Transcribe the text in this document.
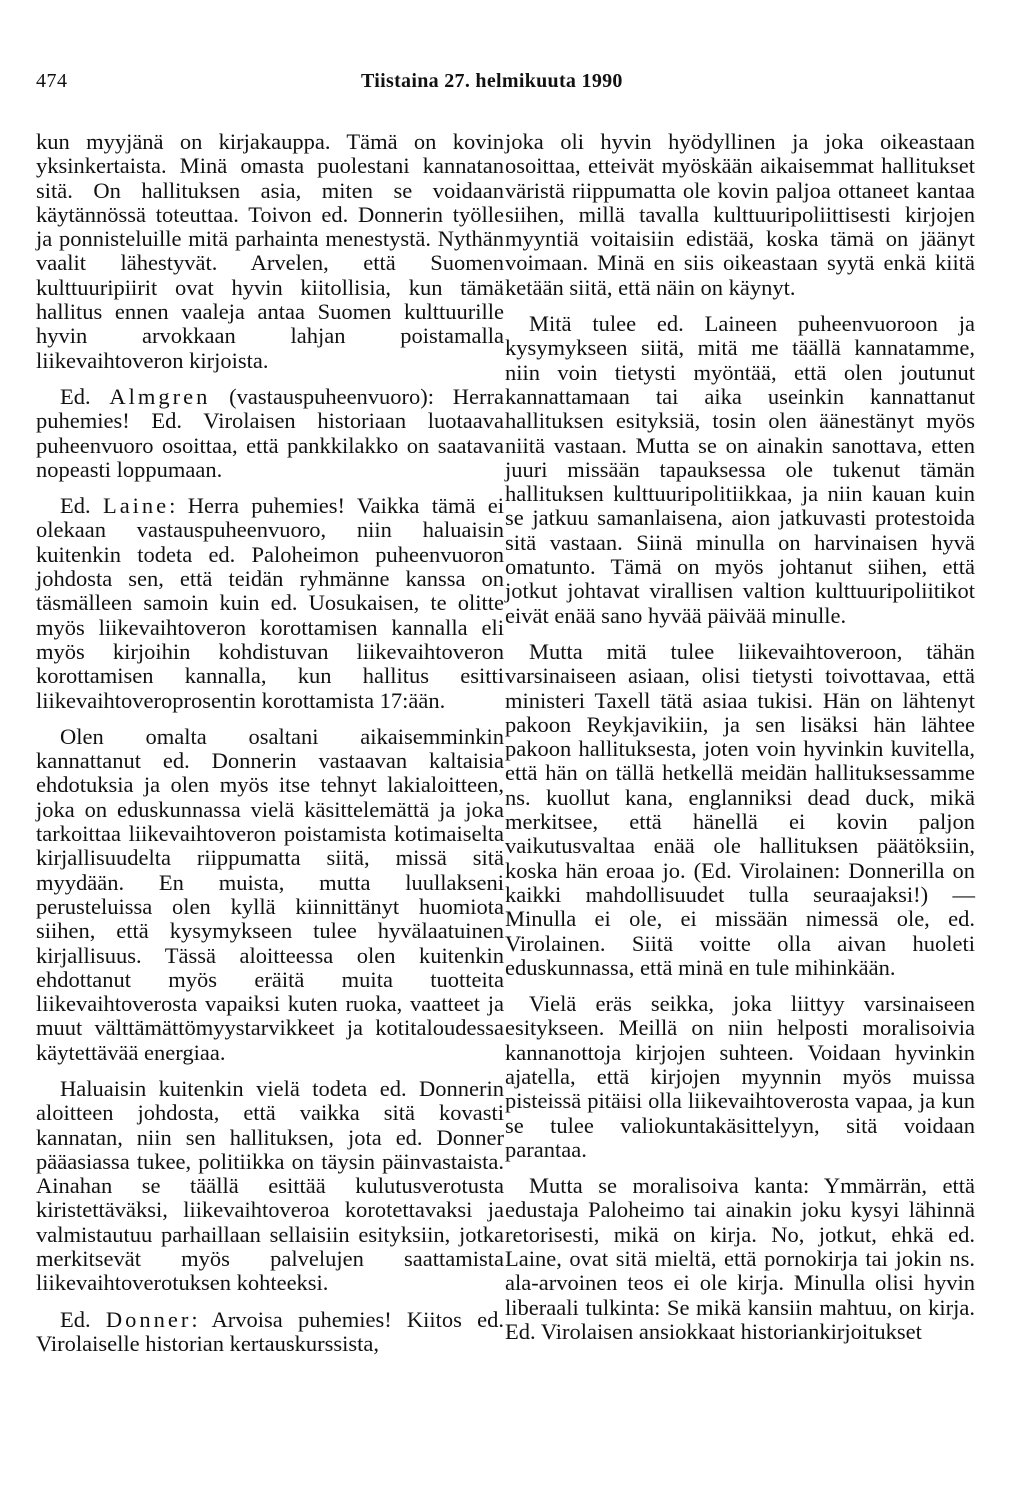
474	Tiistaina 27. helmikuuta 1990

kun myyjänä on kirjakauppa. Tämä on kovin yksinkertaista. Minä omasta puolestani kannatan sitä. On hallituksen asia, miten se voidaan käytännössä toteuttaa. Toivon ed. Donnerin työlle ja ponnisteluille mitä parhainta menestystä. Nythän vaalit lähestyvät. Arvelen, että Suomen kulttuuripiirit ovat hyvin kiitollisia, kun tämä hallitus ennen vaaleja antaa Suomen kulttuurille hyvin arvokkaan lahjan poistamalla liikevaihtoveron kirjoista.

Ed. Almgren (vastauspuheenvuoro): Herra puhemies! Ed. Virolaisen historiaan luotaava puheenvuoro osoittaa, että pankkilakko on saatava nopeasti loppumaan.

Ed. Laine: Herra puhemies! Vaikka tämä ei olekaan vastauspuheenvuoro, niin haluaisin kuitenkin todeta ed. Paloheimon puheenvuoron johdosta sen, että teidän ryhmänne kanssa on täsmälleen samoin kuin ed. Uosukaisen, te olitte myös liikevaihtoveron korottamisen kannalla eli myös kirjoihin kohdistuvan liikevaihtoveron korottamisen kannalla, kun hallitus esitti liikevaihtoveroprosentin korottamista 17:ään.

Olen omalta osaltani aikaisemminkin kannattanut ed. Donnerin vastaavan kaltaisia ehdotuksia ja olen myös itse tehnyt lakialoitteen, joka on eduskunnassa vielä käsittelemättä ja joka tarkoittaa liikevaihtoveron poistamista kotimaiselta kirjallisuudelta riippumatta siitä, missä sitä myydään. En muista, mutta luullakseni perusteluissa olen kyllä kiinnittänyt huomiota siihen, että kysymykseen tulee hyvälaatuinen kirjallisuus. Tässä aloitteessa olen kuitenkin ehdottanut myös eräitä muita tuotteita liikevaihtoverosta vapaiksi kuten ruoka, vaatteet ja muut välttämättömyystarvikkeet ja kotitaloudessa käytettävää energiaa.

Haluaisin kuitenkin vielä todeta ed. Donnerin aloitteen johdosta, että vaikka sitä kovasti kannatan, niin sen hallituksen, jota ed. Donner pääasiassa tukee, politiikka on täysin päinvastaista. Ainahan se täällä esittää kulutusverotusta kiristettäväksi, liikevaihtoveroa korotettavaksi ja valmistautuu parhaillaan sellaisiin esityksiin, jotka merkitsevät myös palvelujen saattamista liikevaihtoverotuksen kohteeksi.

Ed. Donner: Arvoisa puhemies! Kiitos ed. Virolaiselle historian kertauskurssista,

joka oli hyvin hyödyllinen ja joka oikeastaan osoittaa, etteivät myöskään aikaisemmat hallitukset väristä riippumatta ole kovin paljoa ottaneet kantaa siihen, millä tavalla kulttuuripoliittisesti kirjojen myyntiä voitaisiin edistää, koska tämä on jäänyt voimaan. Minä en siis oikeastaan syytä enkä kiitä ketään siitä, että näin on käynyt.

Mitä tulee ed. Laineen puheenvuoroon ja kysymykseen siitä, mitä me täällä kannatamme, niin voin tietysti myöntää, että olen joutunut kannattamaan tai aika useinkin kannattanut hallituksen esityksiä, tosin olen äänestänyt myös niitä vastaan. Mutta se on ainakin sanottava, etten juuri missään tapauksessa ole tukenut tämän hallituksen kulttuuripolitiikkaa, ja niin kauan kuin se jatkuu samanlaisena, aion jatkuvasti protestoida sitä vastaan. Siinä minulla on harvinaisen hyvä omatunto. Tämä on myös johtanut siihen, että jotkut johtavat virallisen valtion kulttuuripoliitikot eivät enää sano hyvää päivää minulle.

Mutta mitä tulee liikevaihtoveroon, tähän varsinaiseen asiaan, olisi tietysti toivottavaa, että ministeri Taxell tätä asiaa tukisi. Hän on lähtenyt pakoon Reykjavikiin, ja sen lisäksi hän lähtee pakoon hallituksesta, joten voin hyvinkin kuvitella, että hän on tällä hetkellä meidän hallituksessamme ns. kuollut kana, englanniksi dead duck, mikä merkitsee, että hänellä ei kovin paljon vaikutusvaltaa enää ole hallituksen päätöksiin, koska hän eroaa jo. (Ed. Virolainen: Donnerilla on kaikki mahdollisuudet tulla seuraajaksi!) — Minulla ei ole, ei missään nimessä ole, ed. Virolainen. Siitä voitte olla aivan huoleti eduskunnassa, että minä en tule mihinkään.

Vielä eräs seikka, joka liittyy varsinaiseen esitykseen. Meillä on niin helposti moralisoivia kannanottoja kirjojen suhteen. Voidaan hyvinkin ajatella, että kirjojen myynnin myös muissa pisteissä pitäisi olla liikevaihtoverosta vapaa, ja kun se tulee valiokuntakäsittelyyn, sitä voidaan parantaa.

Mutta se moralisoiva kanta: Ymmärrän, että edustaja Paloheimo tai ainakin joku kysyi lähinnä retorisesti, mikä on kirja. No, jotkut, ehkä ed. Laine, ovat sitä mieltä, että pornokirja tai jokin ns. ala-arvoinen teos ei ole kirja. Minulla olisi hyvin liberaali tulkinta: Se mikä kansiin mahtuu, on kirja. Ed. Virolaisen ansiokkaat historiankirjoitukset
